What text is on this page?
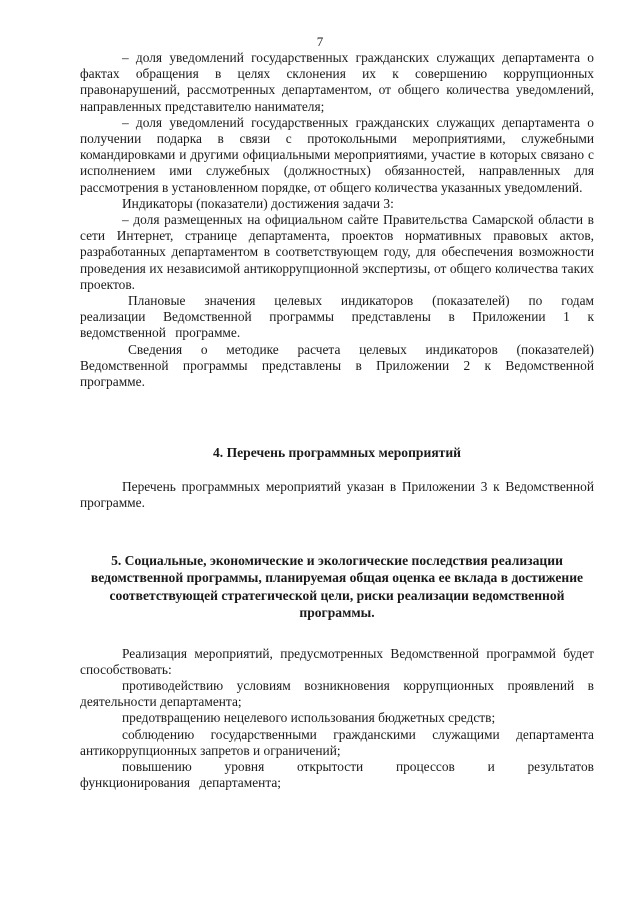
7

– доля уведомлений государственных гражданских служащих департамента о фактах обращения в целях склонения их к совершению коррупционных правонарушений, рассмотренных департаментом, от общего количества уведомлений, направленных представителю нанимателя;

– доля уведомлений государственных гражданских служащих департамента о получении подарка в связи с протокольными мероприятиями, служебными командировками и другими официальными мероприятиями, участие в которых связано с исполнением ими служебных (должностных) обязанностей, направленных для рассмотрения в установленном порядке, от общего количества указанных уведомлений.

Индикаторы (показатели) достижения задачи 3:

– доля размещенных на официальном сайте Правительства Самарской области в сети Интернет, странице департамента, проектов нормативных правовых актов, разработанных департаментом в соответствующем году, для обеспечения возможности проведения их независимой антикоррупционной экспертизы, от общего количества таких проектов.

Плановые значения целевых индикаторов (показателей) по годам реализации Ведомственной программы представлены в Приложении 1 к ведомственной программе.

Сведения о методике расчета целевых индикаторов (показателей) Ведомственной программы представлены в Приложении 2 к Ведомственной программе.

4. Перечень программных мероприятий

Перечень программных мероприятий указан в Приложении 3 к Ведомственной программе.

5. Социальные, экономические и экологические последствия реализации ведомственной программы, планируемая общая оценка ее вклада в достижение соответствующей стратегической цели, риски реализации ведомственной программы.

Реализация мероприятий, предусмотренных Ведомственной программой будет способствовать:

противодействию условиям возникновения коррупционных проявлений в деятельности департамента;

предотвращению нецелевого использования бюджетных средств;

соблюдению государственными гражданскими служащими департамента антикоррупционных запретов и ограничений;

повышению уровня открытости процессов и результатов функционирования департамента;
